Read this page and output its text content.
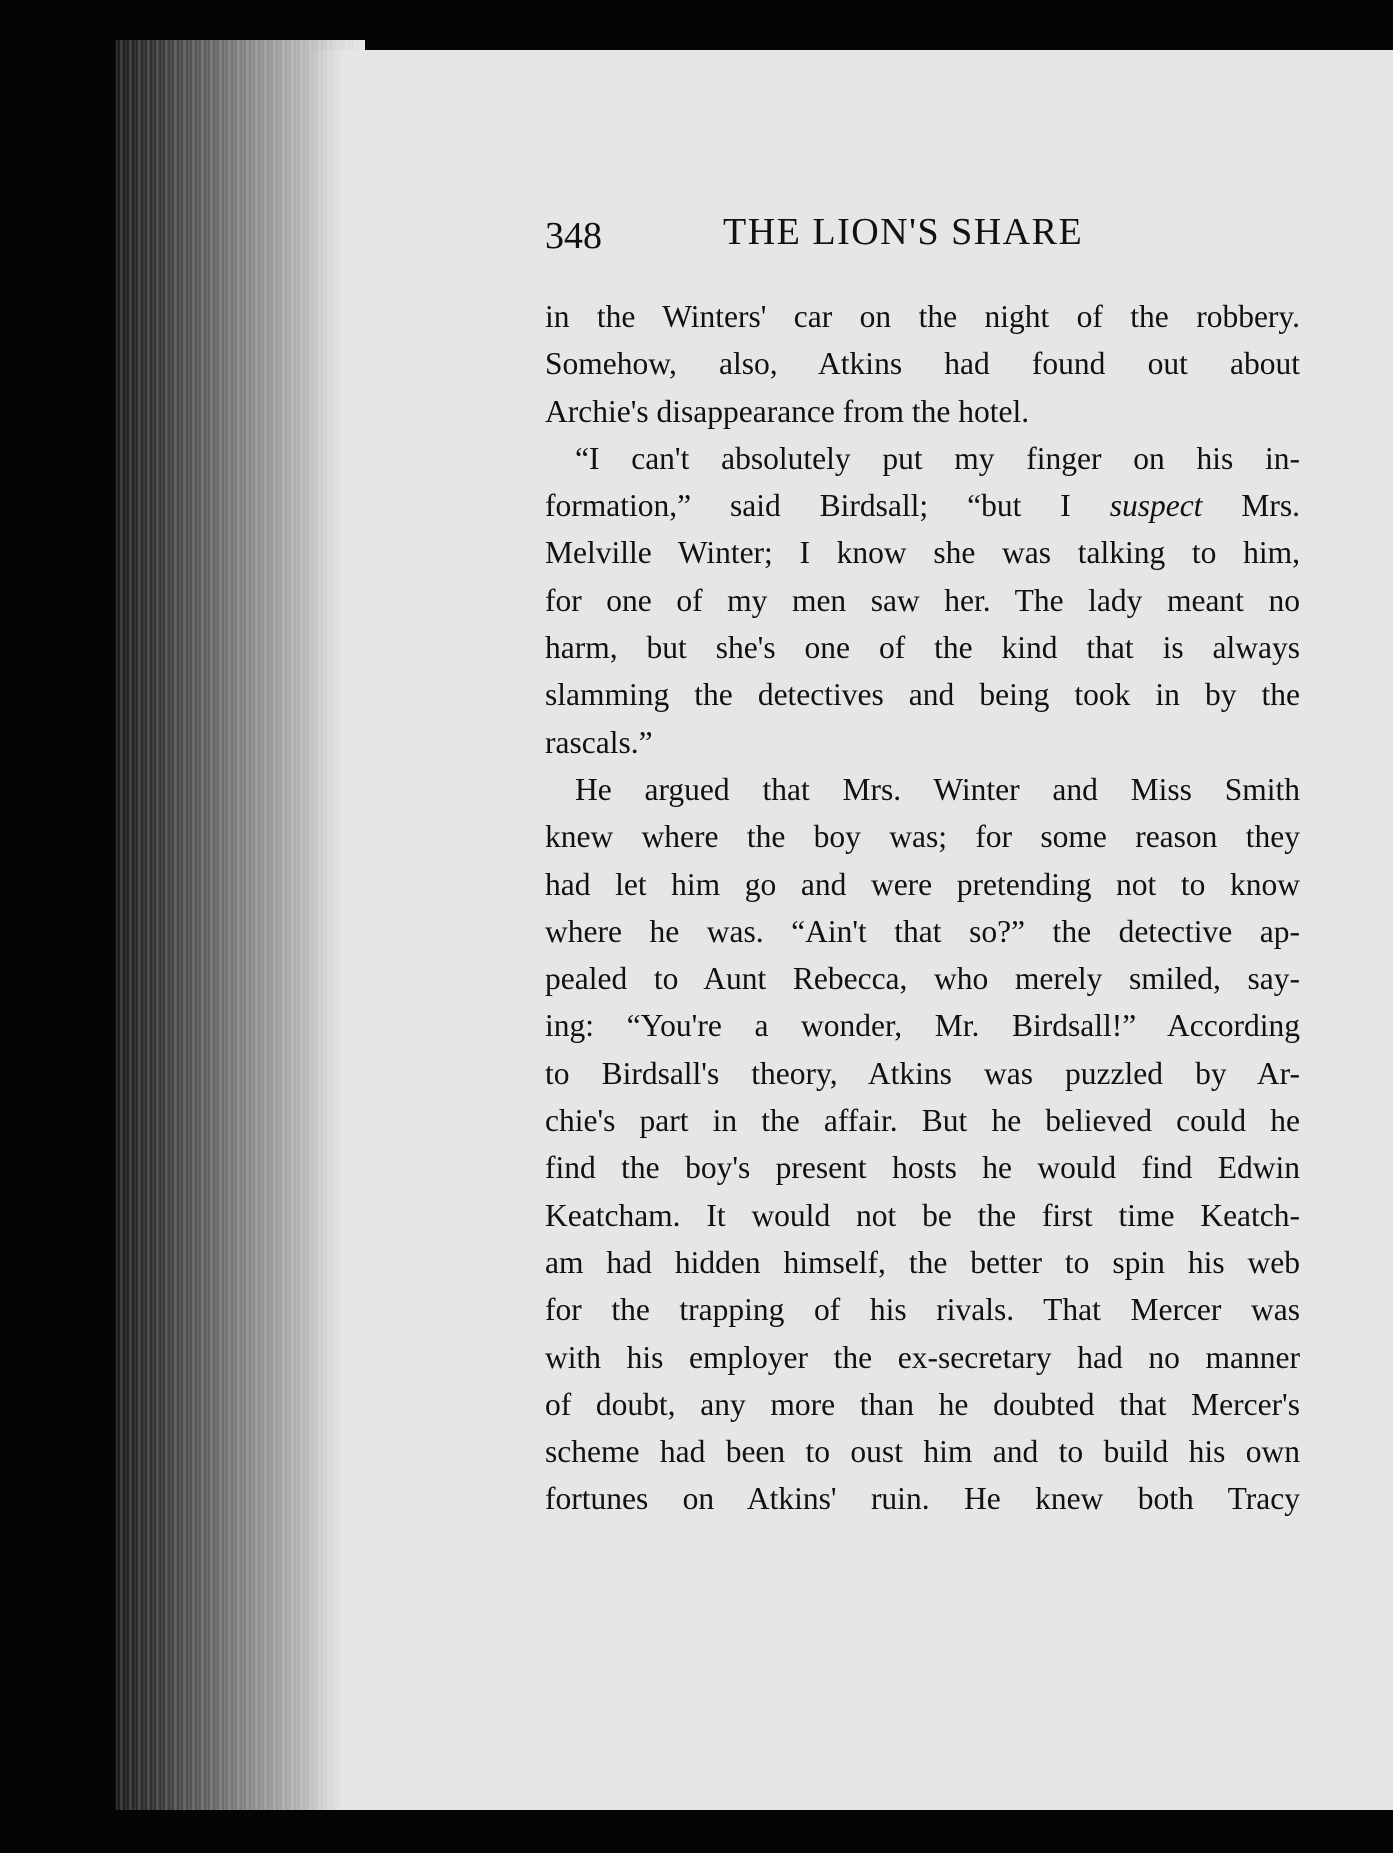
348	THE LION'S SHARE
in the Winters' car on the night of the robbery.
Somehow, also, Atkins had found out about
Archie's disappearance from the hotel.
“I can't absolutely put my finger on his in-
formation,” said Birdsall; “but I suspect Mrs.
Melville Winter; I know she was talking to him,
for one of my men saw her. The lady meant no
harm, but she's one of the kind that is always
slamming the detectives and being took in by the
rascals.”
He argued that Mrs. Winter and Miss Smith
knew where the boy was; for some reason they
had let him go and were pretending not to know
where he was. “Ain't that so?” the detective ap-
pealed to Aunt Rebecca, who merely smiled, say-
ing: “You're a wonder, Mr. Birdsall!” According
to Birdsall's theory, Atkins was puzzled by Ar-
chie's part in the affair. But he believed could he
find the boy's present hosts he would find Edwin
Keatcham. It would not be the first time Keatch-
am had hidden himself, the better to spin his web
for the trapping of his rivals. That Mercer was
with his employer the ex-secretary had no manner
of doubt, any more than he doubted that Mercer's
scheme had been to oust him and to build his own
fortunes on Atkins' ruin. He knew both Tracy
